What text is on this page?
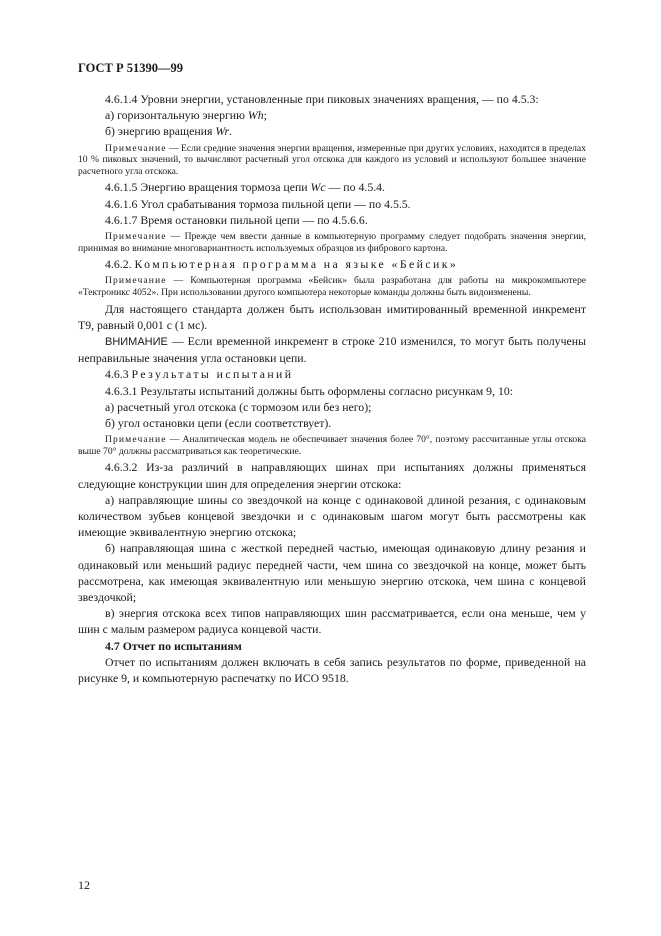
ГОСТ Р 51390—99

4.6.1.4 Уровни энергии, установленные при пиковых значениях вращения, — по 4.5.3:

а) горизонтальную энергию Wh;

б) энергию вращения Wr.

Примечание — Если средние значения энергии вращения, измеренные при других условиях, находятся в пределах 10 % пиковых значений, то вычисляют расчетный угол отскока для каждого из условий и используют большее значение расчетного угла отскока.

4.6.1.5 Энергию вращения тормоза цепи Wc — по 4.5.4.

4.6.1.6 Угол срабатывания тормоза пильной цепи — по 4.5.5.

4.6.1.7 Время остановки пильной цепи — по 4.5.6.6.

Примечание — Прежде чем ввести данные в компьютерную программу следует подобрать значения энергии, принимая во внимание многовариантность используемых образцов из фибрового картона.

4.6.2. Компьютерная программа на языке «Бейсик»

Примечание — Компьютерная программа «Бейсик» была разработана для работы на микрокомпьютере «Тектроникс 4052». При использовании другого компьютера некоторые команды должны быть видоизменены.

Для настоящего стандарта должен быть использован имитированный временной инкремент Т9, равный 0,001 с (1 мс).

ВНИМАНИЕ — Если временной инкремент в строке 210 изменился, то могут быть получены неправильные значения угла остановки цепи.

4.6.3 Результаты испытаний

4.6.3.1 Результаты испытаний должны быть оформлены согласно рисункам 9, 10:

а) расчетный угол отскока (с тормозом или без него);

б) угол остановки цепи (если соответствует).

Примечание — Аналитическая модель не обеспечивает значения более 70°, поэтому рассчитанные углы отскока выше 70° должны рассматриваться как теоретические.

4.6.3.2 Из-за различий в направляющих шинах при испытаниях должны применяться следующие конструкции шин для определения энергии отскока:

а) направляющие шины со звездочкой на конце с одинаковой длиной резания, с одинаковым количеством зубьев концевой звездочки и с одинаковым шагом могут быть рассмотрены как имеющие эквивалентную энергию отскока;

б) направляющая шина с жесткой передней частью, имеющая одинаковую длину резания и одинаковый или меньший радиус передней части, чем шина со звездочкой на конце, может быть рассмотрена, как имеющая эквивалентную или меньшую энергию отскока, чем шина с концевой звездочкой;

в) энергия отскока всех типов направляющих шин рассматривается, если она меньше, чем у шин с малым размером радиуса концевой части.

4.7 Отчет по испытаниям

Отчет по испытаниям должен включать в себя запись результатов по форме, приведенной на рисунке 9, и компьютерную распечатку по ИСО 9518.

12
